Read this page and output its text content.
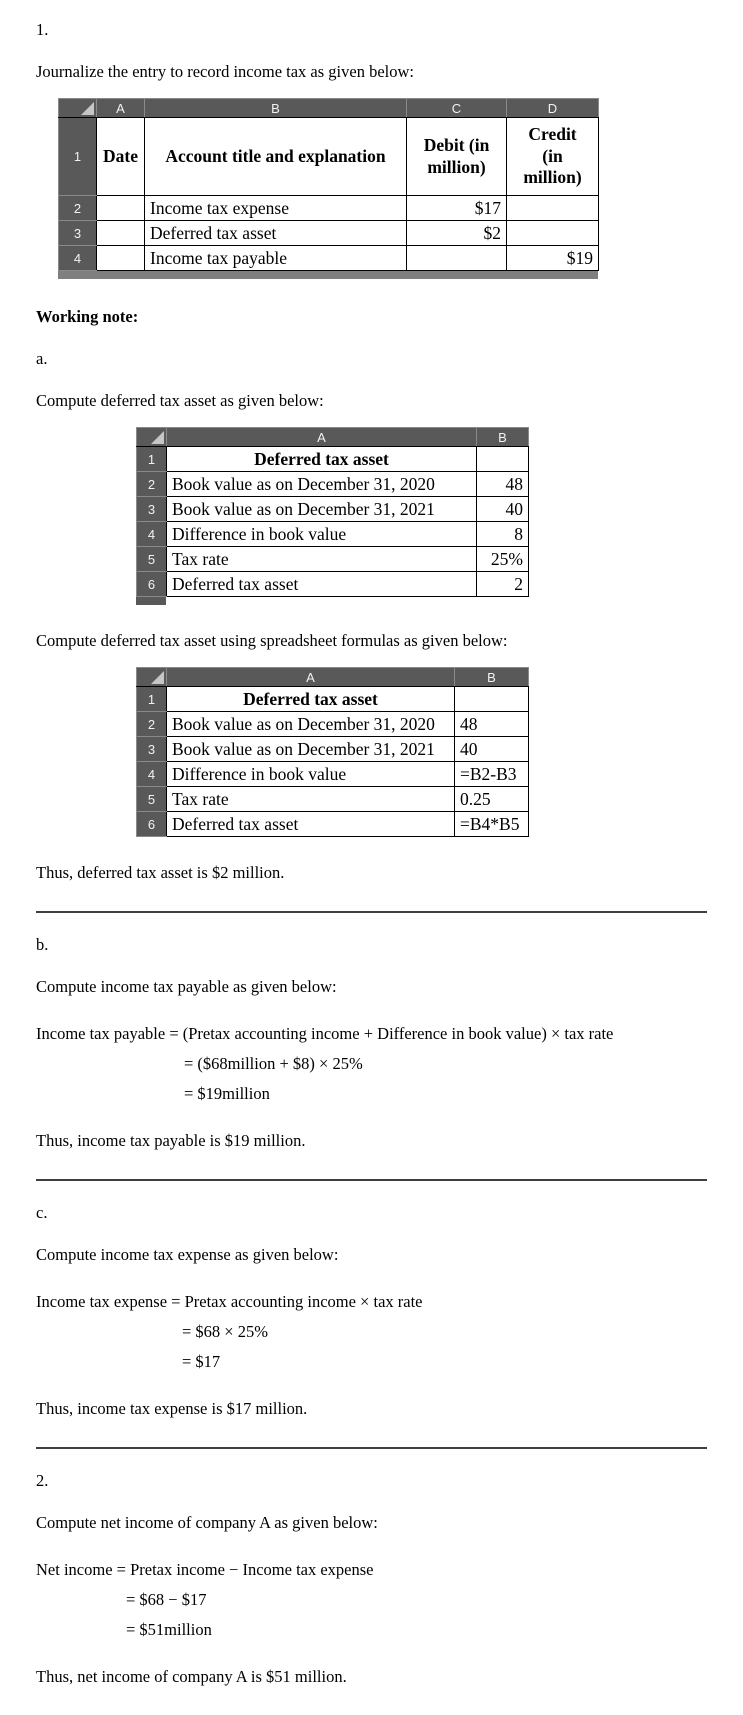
1.

Journalize the entry to record income tax as given below:

	A	B	C	D
1	Date	Account title and explanation	Debit (in million)	Credit (in million)
2		Income tax expense	$17	
3		Deferred tax asset	$2	
4		Income tax payable		$19

Working note:

a.

Compute deferred tax asset as given below:

	A	B
1	Deferred tax asset	
2	Book value as on December 31, 2020	48
3	Book value as on December 31, 2021	40
4	Difference in book value	8
5	Tax rate	25%
6	Deferred tax asset	2

Compute deferred tax asset using spreadsheet formulas as given below:

	A	B
1	Deferred tax asset	
2	Book value as on December 31, 2020	48
3	Book value as on December 31, 2021	40
4	Difference in book value	=B2-B3
5	Tax rate	0.25
6	Deferred tax asset	=B4*B5

Thus, deferred tax asset is $2 million.

b.

Compute income tax payable as given below:

Income tax payable = (Pretax accounting income + Difference in book value) × tax rate
= ($68million + $8) × 25%
= $19million

Thus, income tax payable is $19 million.

c.

Compute income tax expense as given below:

Income tax expense = Pretax accounting income × tax rate
= $68 × 25%
= $17

Thus, income tax expense is $17 million.

2.

Compute net income of company A as given below:

Net income = Pretax income − Income tax expense
= $68 − $17
= $51million

Thus, net income of company A is $51 million.
